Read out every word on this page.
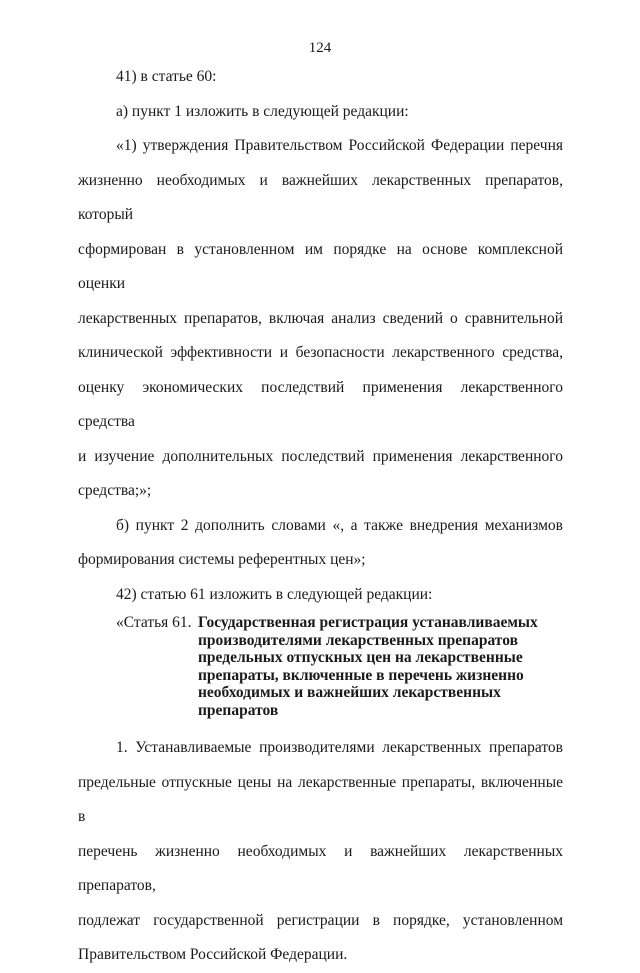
124

41) в статье 60:

а) пункт 1 изложить в следующей редакции:

«1) утверждения Правительством Российской Федерации перечня
жизненно необходимых и важнейших лекарственных препаратов, который
сформирован в установленном им порядке на основе комплексной оценки
лекарственных препаратов, включая анализ сведений о сравнительной
клинической эффективности и безопасности лекарственного средства,
оценку экономических последствий применения лекарственного средства
и изучение дополнительных последствий применения лекарственного
средства;»;

б) пункт 2 дополнить словами «, а также внедрения механизмов
формирования системы референтных цен»;

42) статью 61 изложить в следующей редакции:

«Статья 61. Государственная регистрация устанавливаемых
производителями лекарственных препаратов
предельных отпускных цен на лекарственные
препараты, включенные в перечень жизненно
необходимых и важнейших лекарственных
препаратов

1. Устанавливаемые производителями лекарственных препаратов
предельные отпускные цены на лекарственные препараты, включенные в
перечень жизненно необходимых и важнейших лекарственных препаратов,
подлежат государственной регистрации в порядке, установленном
Правительством Российской Федерации.
